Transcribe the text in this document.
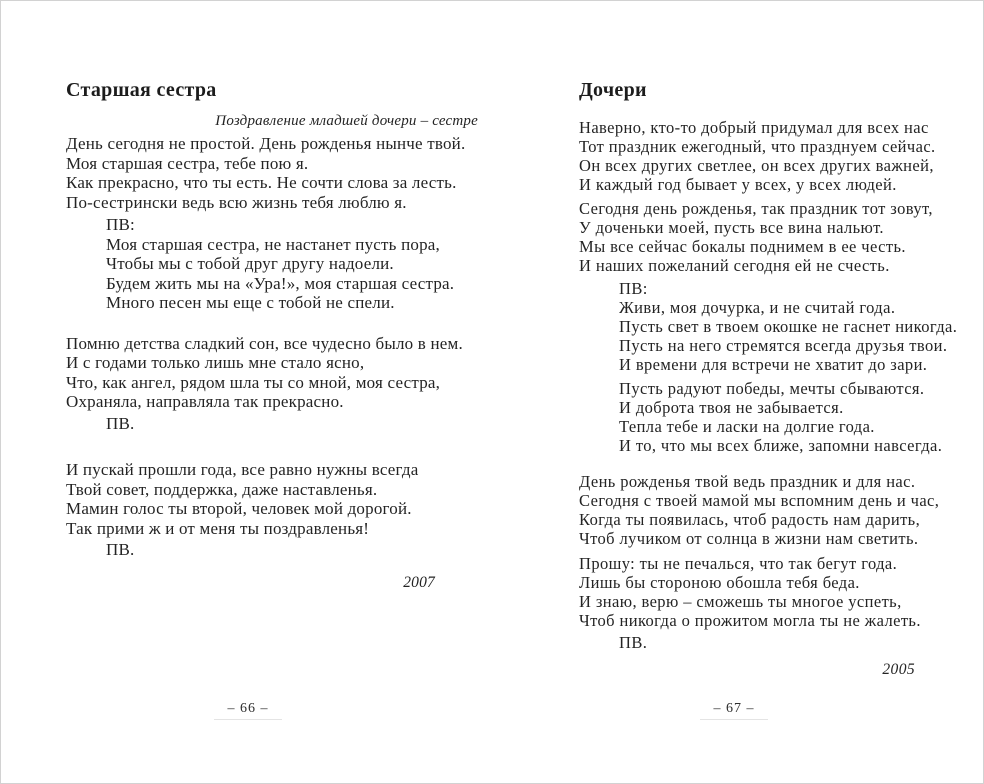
Старшая сестра
Поздравление младшей дочери – сестре
День сегодня не простой. День рожденья нынче твой.
Моя старшая сестра, тебе пою я.
Как прекрасно, что ты есть. Не сочти слова за лесть.
По-сестрински ведь всю жизнь тебя люблю я.
ПВ:
Моя старшая сестра, не настанет пусть пора,
Чтобы мы с тобой друг другу надоели.
Будем жить мы на «Ура!», моя старшая сестра.
Много песен мы еще с тобой не спели.
Помню детства сладкий сон, все чудесно было в нем.
И с годами только лишь мне стало ясно,
Что, как ангел, рядом шла ты со мной, моя сестра,
Охраняла, направляла так прекрасно.
ПВ.
И пускай прошли года, все равно нужны всегда
Твой совет, поддержка, даже наставленья.
Мамин голос ты второй, человек мой дорогой.
Так прими ж и от меня ты поздравленья!
ПВ.
2007
Дочери
Наверно, кто-то добрый придумал для всех нас
Тот праздник ежегодный, что празднуем сейчас.
Он всех других светлее, он всех других важней,
И каждый год бывает у всех, у всех людей.
Сегодня день рожденья, так праздник тот зовут,
У доченьки моей, пусть все вина нальют.
Мы все сейчас бокалы поднимем в ее честь.
И наших пожеланий сегодня ей не счесть.
ПВ:
Живи, моя дочурка, и не считай года.
Пусть свет в твоем окошке не гаснет никогда.
Пусть на него стремятся всегда друзья твои.
И времени для встречи не хватит до зари.
Пусть радуют победы, мечты сбываются.
И доброта твоя не забывается.
Тепла тебе и ласки на долгие года.
И то, что мы всех ближе, запомни навсегда.
День рожденья твой ведь праздник и для нас.
Сегодня с твоей мамой мы вспомним день и час,
Когда ты появилась, чтоб радость нам дарить,
Чтоб лучиком от солнца в жизни нам светить.
Прошу: ты не печалься, что так бегут года.
Лишь бы стороною обошла тебя беда.
И знаю, верю – сможешь ты многое успеть,
Чтоб никогда о прожитом могла ты не жалеть.
ПВ.
2005
– 66 –	– 67 –
